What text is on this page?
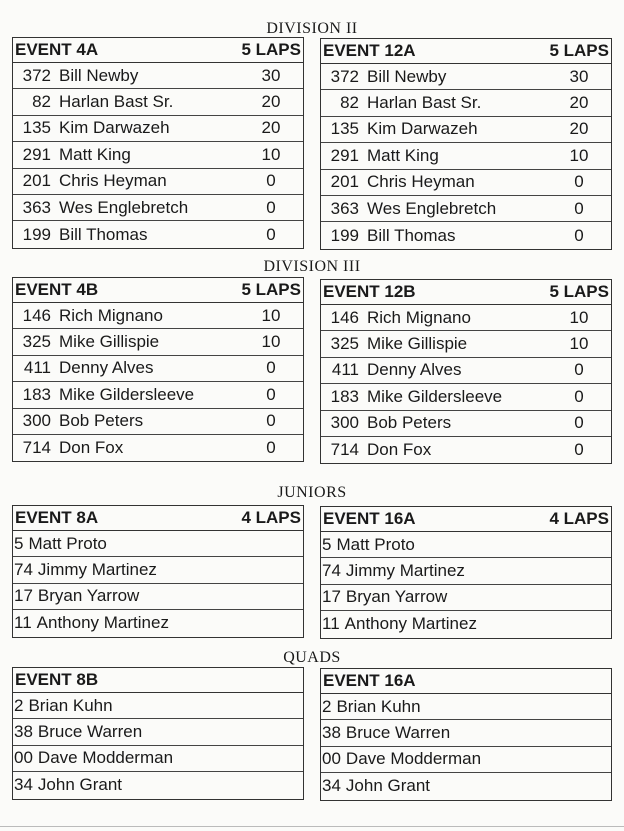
DIVISION II
EVENT 4A	5 LAPS
372 Bill Newby	30
82 Harlan Bast Sr.	20
135 Kim Darwazeh	20
291 Matt King	10
201 Chris Heyman	0
363 Wes Englebretch	0
199 Bill Thomas	0
EVENT 12A	5 LAPS
372 Bill Newby	30
82 Harlan Bast Sr.	20
135 Kim Darwazeh	20
291 Matt King	10
201 Chris Heyman	0
363 Wes Englebretch	0
199 Bill Thomas	0
DIVISION III
EVENT 4B	5 LAPS
146 Rich Mignano	10
325 Mike Gillispie	10
411 Denny Alves	0
183 Mike Gildersleeve	0
300 Bob Peters	0
714 Don Fox	0
EVENT 12B	5 LAPS
146 Rich Mignano	10
325 Mike Gillispie	10
411 Denny Alves	0
183 Mike Gildersleeve	0
300 Bob Peters	0
714 Don Fox	0
JUNIORS
EVENT 8A	4 LAPS
5 Matt Proto
74 Jimmy Martinez
17 Bryan Yarrow
11 Anthony Martinez
EVENT 16A	4 LAPS
5 Matt Proto
74 Jimmy Martinez
17 Bryan Yarrow
11 Anthony Martinez
QUADS
EVENT 8B
2 Brian Kuhn
38 Bruce Warren
00 Dave Modderman
34 John Grant
EVENT 16A
2 Brian Kuhn
38 Bruce Warren
00 Dave Modderman
34 John Grant
